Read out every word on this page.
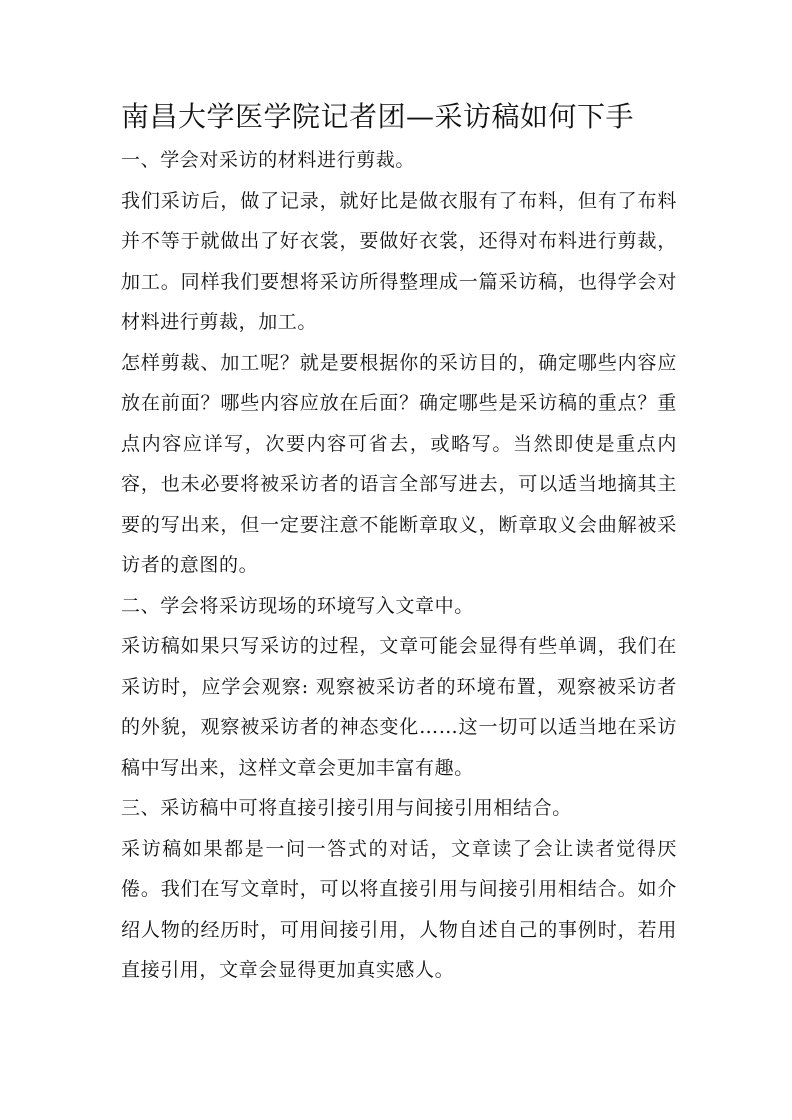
南昌大学医学院记者团—采访稿如何下手
一、学会对采访的材料进行剪裁。

我们采访后，做了记录，就好比是做衣服有了布料，但有了布料并不等于就做出了好衣裳，要做好衣裳，还得对布料进行剪裁，加工。同样我们要想将采访所得整理成一篇采访稿，也得学会对材料进行剪裁，加工。

怎样剪裁、加工呢？就是要根据你的采访目的，确定哪些内容应放在前面？哪些内容应放在后面？确定哪些是采访稿的重点？重点内容应详写，次要内容可省去，或略写。当然即使是重点内容，也未必要将被采访者的语言全部写进去，可以适当地摘其主要的写出来，但一定要注意不能断章取义，断章取义会曲解被采访者的意图的。

二、学会将采访现场的环境写入文章中。

采访稿如果只写采访的过程，文章可能会显得有些单调，我们在采访时，应学会观察: 观察被采访者的环境布置，观察被采访者的外貌，观察被采访者的神态变化……这一切可以适当地在采访稿中写出来，这样文章会更加丰富有趣。

三、采访稿中可将直接引接引用与间接引用相结合。

采访稿如果都是一问一答式的对话，文章读了会让读者觉得厌倦。我们在写文章时，可以将直接引用与间接引用相结合。如介绍人物的经历时，可用间接引用，人物自述自己的事例时，若用直接引用，文章会显得更加真实感人。
